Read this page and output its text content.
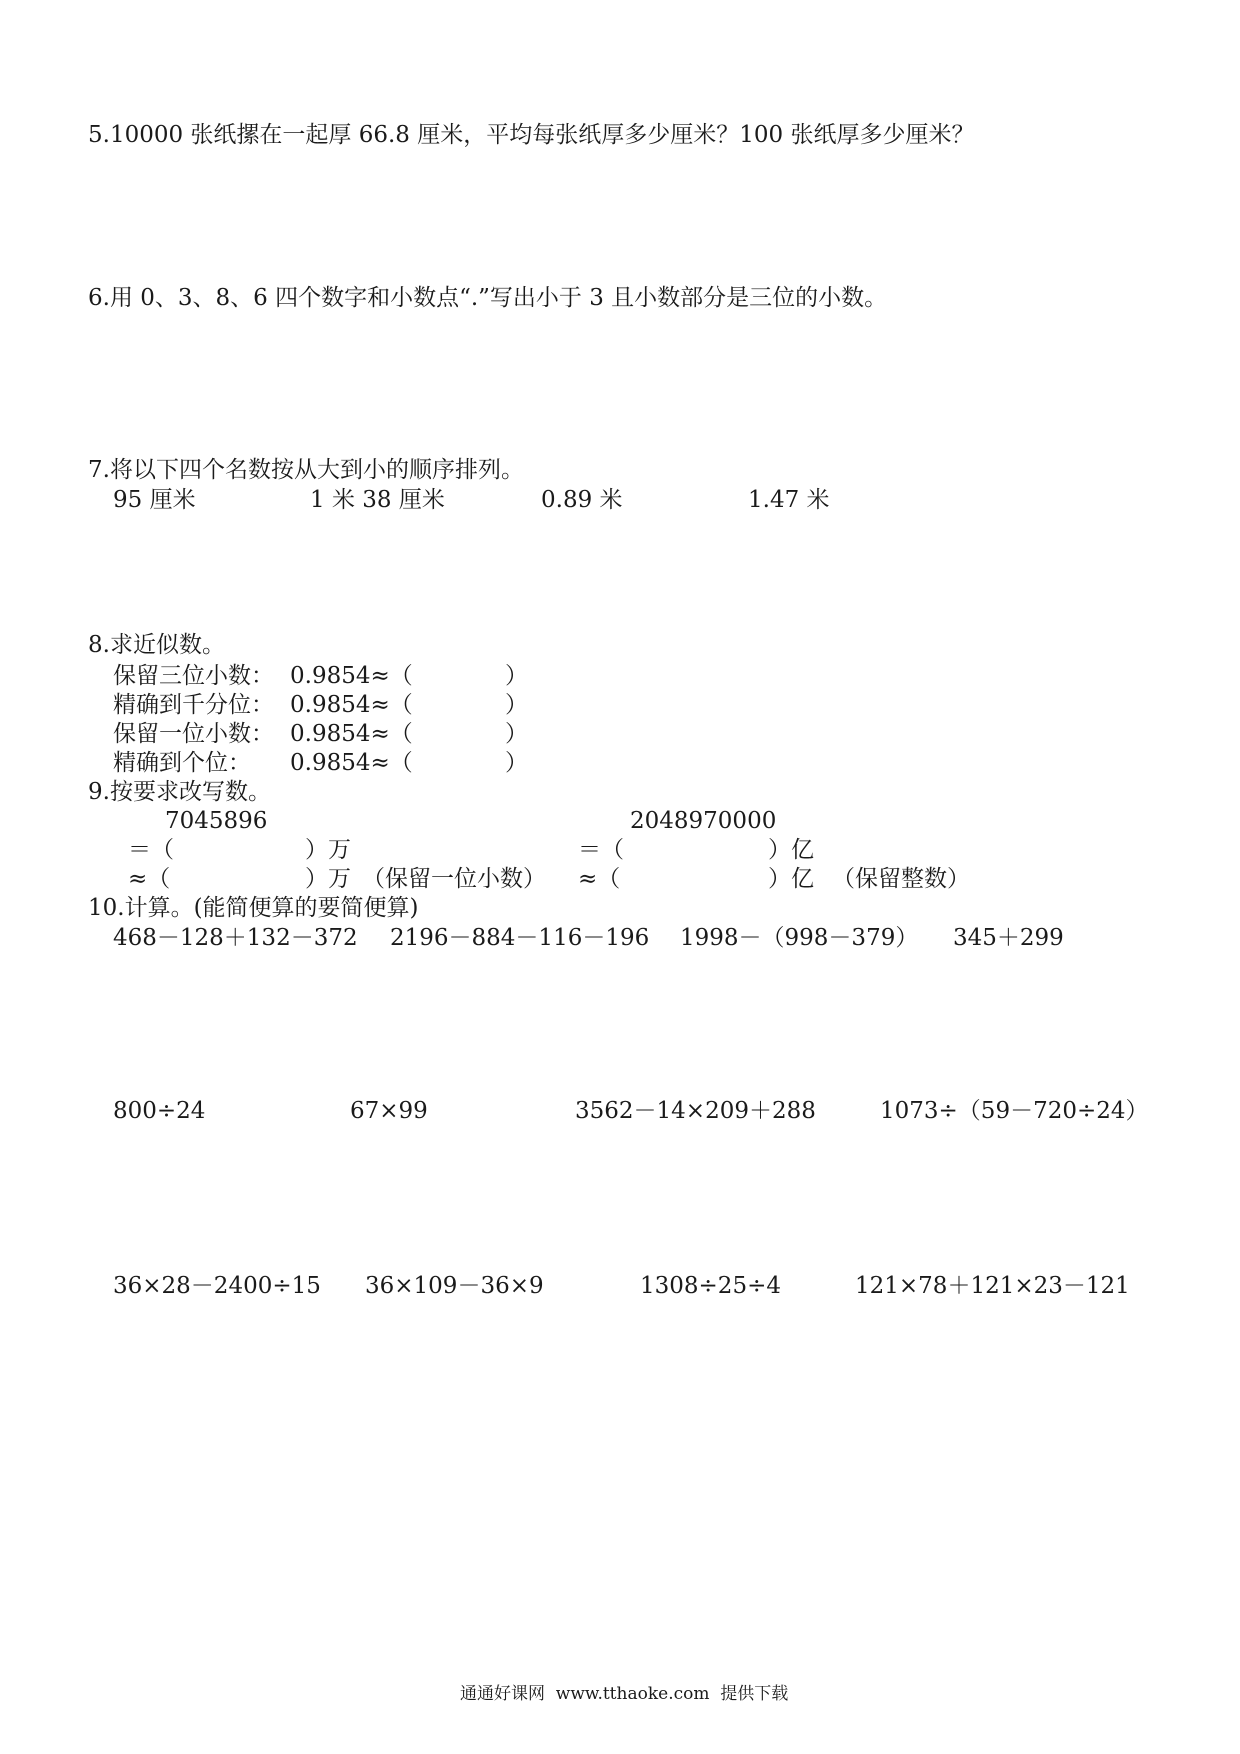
5.10000 张纸摞在一起厚 66.8 厘米，平均每张纸厚多少厘米？100 张纸厚多少厘米？
6.用 0、3、8、6 四个数字和小数点“.”写出小于 3 且小数部分是三位的小数。
7.将以下四个名数按从大到小的顺序排列。
95 厘米	1 米 38 厘米	0.89 米	1.47 米
8.求近似数。
保留三位小数： 0.9854≈（	）
精确到千分位： 0.9854≈（	）
保留一位小数： 0.9854≈（	）
精确到个位： 0.9854≈（	）
9.按要求改写数。
7045896	2048970000
＝（	）万	＝（	）亿
≈（	）万 （保留一位小数） ≈（	）亿 （保留整数）
10.计算。(能简便算的要简便算)
468－128＋132－372 2196－884－116－196 1998－（998－379） 345＋299
800÷24	67×99	3562－14×209＋288	1073÷（59－720÷24）
36×28－2400÷15 36×109－36×9	1308÷25÷4	121×78＋121×23－121
通通好课网  www.tthaoke.com  提供下载
